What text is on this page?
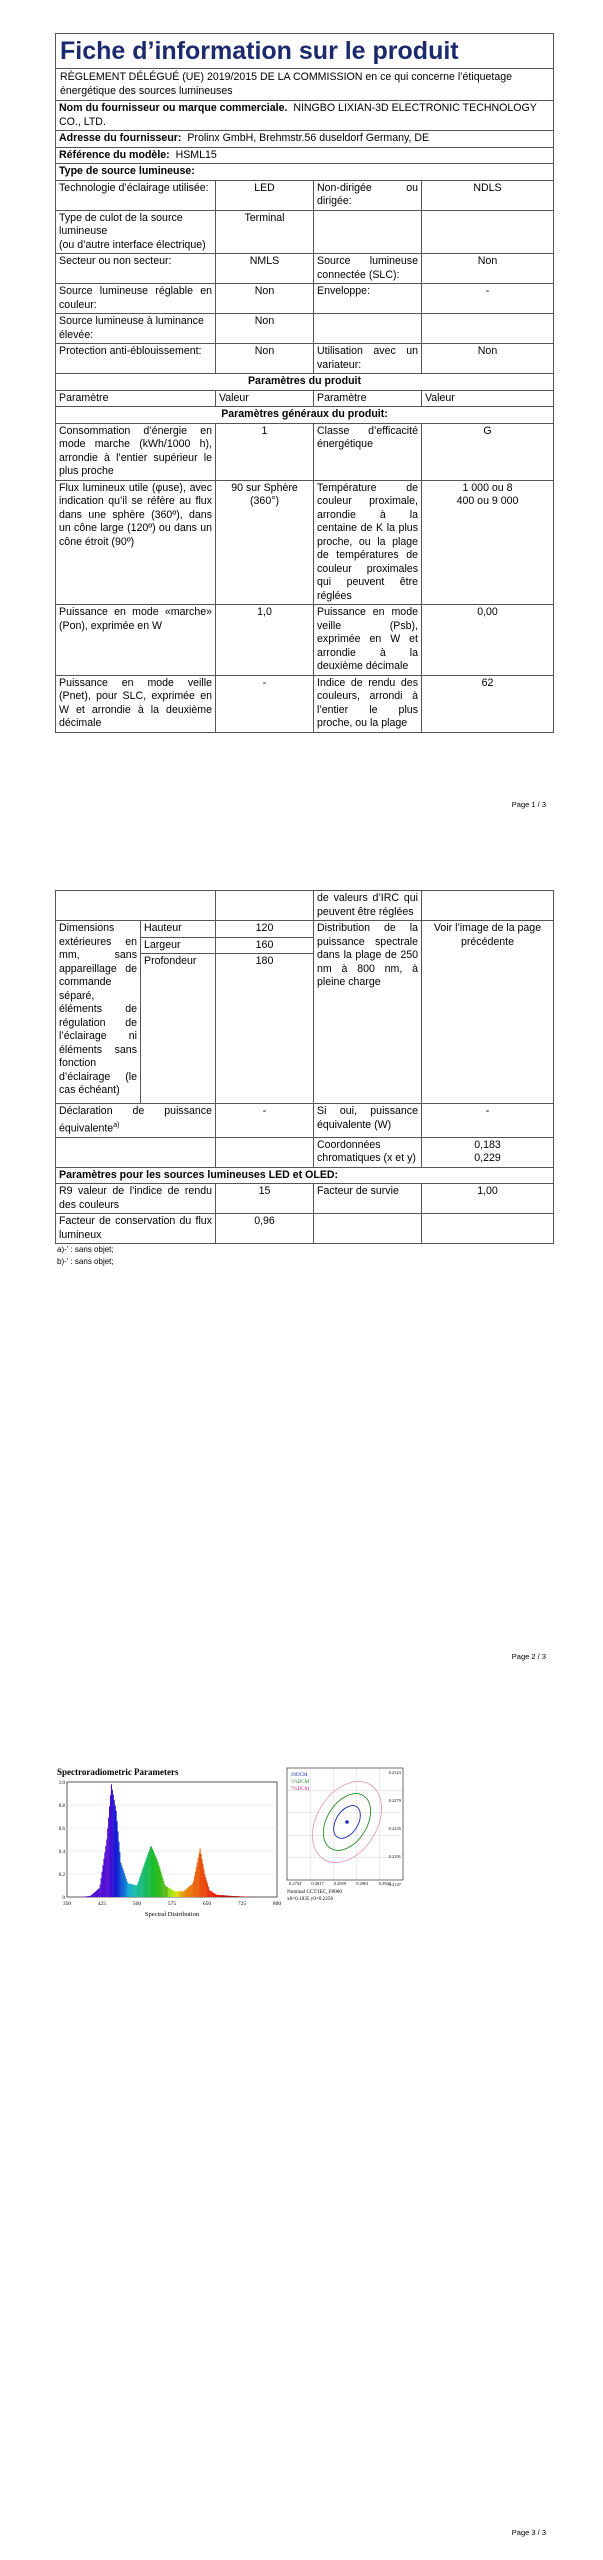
Fiche d’information sur le produit			
RÈGLEMENT DÉLÉGUÉ (UE) 2019/2015 DE LA COMMISSION en ce qui concerne l’étiquetage énergétique des sources lumineuses			
Nom du fournisseur ou marque commerciale. NINGBO LIXIAN-3D ELECTRONIC TECHNOLOGY CO., LTD.			
Adresse du fournisseur: Prolinx GmbH, Brehmstr.56 duseldorf Germany, DE			
Référence du modèle: HSML15			
Type de source lumineuse:			
Technologie d’éclairage utilisée:	LED	Non-dirigée ou dirigée:	NDLS
Type de culot de la source lumineuse
(ou d’autre interface électrique)	Terminal		
Secteur ou non secteur:	NMLS	Source lumineuse connectée (SLC):	Non
Source lumineuse réglable en couleur:	Non	Enveloppe:	-
Source lumineuse à luminance élevée:	Non		
Protection anti-éblouissement:	Non	Utilisation avec un variateur:	Non
Paramètres du produit			
Paramètre	Valeur	Paramètre	Valeur
Paramètres généraux du produit:			
Consommation d’énergie en mode marche (kWh/1000 h), arrondie à l’entier supérieur le plus proche	1	Classe d’efficacité énergétique	G
Flux lumineux utile (φuse), avec indication qu’il se réfère au flux dans une sphère (360º), dans un cône large (120º) ou dans un cône étroit (90º)	90 sur Sphère (360°)	Température de couleur proximale, arrondie à la centaine de K la plus proche, ou la plage de températures de couleur proximales qui peuvent être réglées	1 000 ou 8
400 ou 9 000
Puissance en mode «marche» (Pon), exprimée en W	1,0	Puissance en mode veille (Psb), exprimée en W et arrondie à la deuxième décimale	0,00
Puissance en mode veille (Pnet), pour SLC, exprimée en W et arrondie à la deuxième décimale	-	Indice de rendu des couleurs, arrondi à l’entier le plus proche, ou la plage	62
Page 1 / 3
			de valeurs d’IRC qui peuvent être réglées	
Dimensions extérieures en mm, sans appareillage de commande séparé, éléments de régulation de l’éclairage ni éléments sans fonction d’éclairage (le cas échéant)	Hauteur	120	Distribution de la puissance spectrale dans la plage de 250 nm à 800 nm, à pleine charge	Voir l’image de la page précédente
	Largeur	160		
	Profondeur	180		
Déclaration de puissance équivalente$^{a)}$		-	Si oui, puissance équivalente (W)	-
			Coordonnées chromatiques (x et y)	0,183
0,229
Paramètres pour les sources lumineuses LED et OLED:				
R9 valeur de l’indice de rendu des couleurs		15	Facteur de survie	1,00
Facteur de conservation du flux lumineux		0,96		
a)-’ : sans objet;
b)-’ : sans objet;
Page 2 / 3
Spectroradiometric Parameters
1.0
0.8
0.6
0.4
0.2
0
350	425	500	575	650	725	800
Spectral Distribution
20DCM
5%DCM
7%DCM
0.2323
0.2279
0.2235
0.2191
0.2147
0.2754 0.2817 0.2859 0.2901 0.2943
Nominal CCT:IEC_F8000
x0=0.1835 y0=0.2256
Page 3 / 3
